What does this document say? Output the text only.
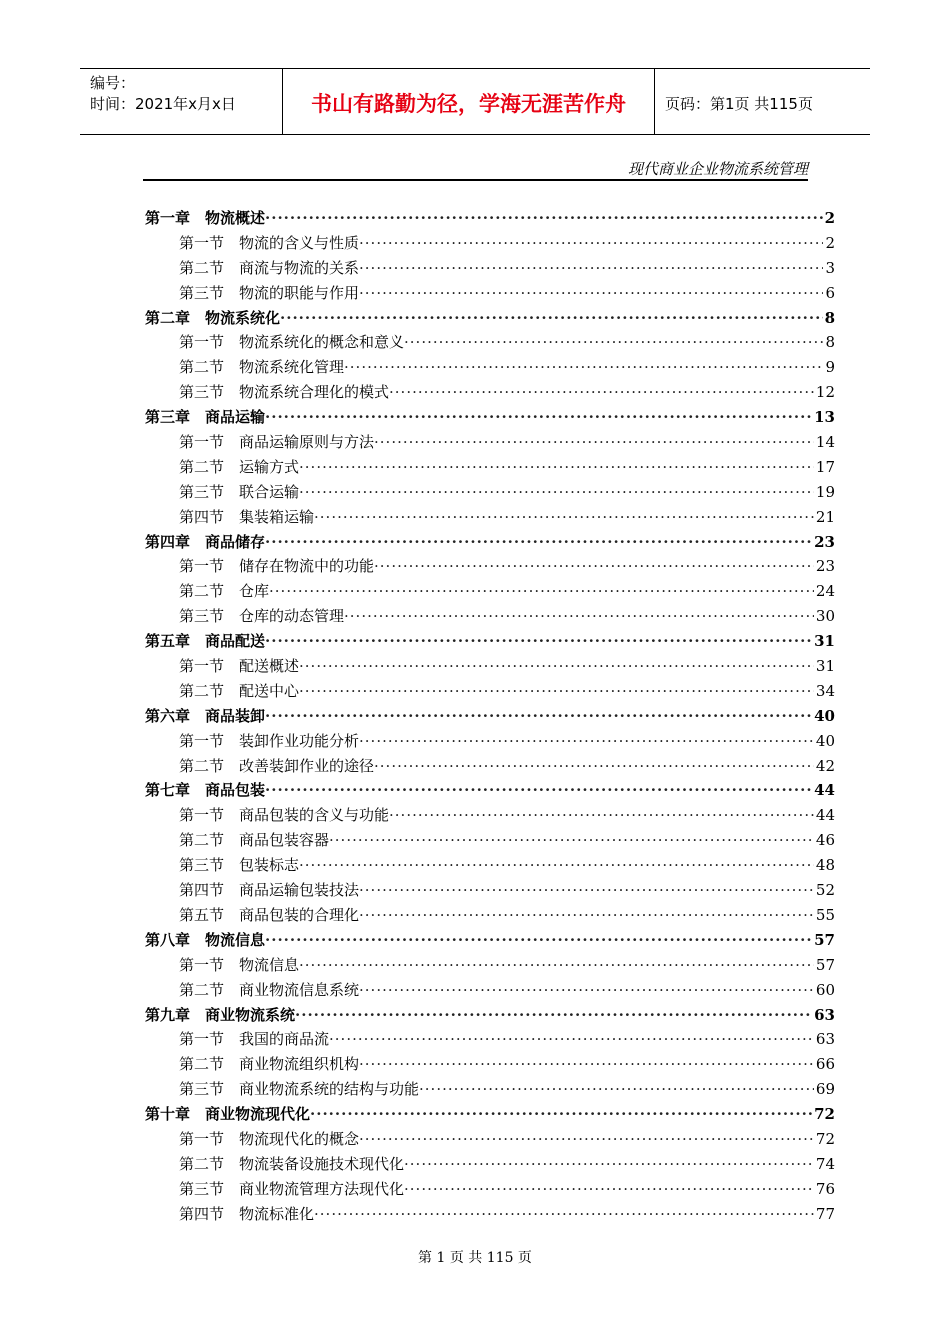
编号：
时间：2021年x月x日	书山有路勤为径，学海无涯苦作舟	页码：第1页 共115页
现代商业企业物流系统管理
第一章　物流概述 ·····	2
第一节　物流的含义与性质 ·····	2
第二节　商流与物流的关系 ·····	3
第三节　物流的职能与作用 ·····	6
第二章　物流系统化 ·····	8
第一节　物流系统化的概念和意义 ·····	8
第二节　物流系统化管理 ·····	9
第三节　物流系统合理化的模式 ·····	12
第三章　商品运输 ·····	13
第一节　商品运输原则与方法 ·····	14
第二节　运输方式 ·····	17
第三节　联合运输 ·····	19
第四节　集装箱运输 ·····	21
第四章　商品储存 ·····	23
第一节　储存在物流中的功能 ·····	23
第二节　仓库 ·····	24
第三节　仓库的动态管理 ·····	30
第五章　商品配送 ·····	31
第一节　配送概述 ·····	31
第二节　配送中心 ·····	34
第六章　商品装卸 ·····	40
第一节　装卸作业功能分析 ·····	40
第二节　改善装卸作业的途径 ·····	42
第七章　商品包装 ·····	44
第一节　商品包装的含义与功能 ·····	44
第二节　商品包装容器 ·····	46
第三节　包装标志 ·····	48
第四节　商品运输包装技法 ·····	52
第五节　商品包装的合理化 ·····	55
第八章　物流信息 ·····	57
第一节　物流信息 ·····	57
第二节　商业物流信息系统 ·····	60
第九章　商业物流系统 ·····	63
第一节　我国的商品流 ·····	63
第二节　商业物流组织机构 ·····	66
第三节　商业物流系统的结构与功能 ·····	69
第十章　商业物流现代化 ·····	72
第一节　物流现代化的概念 ·····	72
第二节　物流装备设施技术现代化 ·····	74
第三节　商业物流管理方法现代化 ·····	76
第四节　物流标准化 ·····	77
第 1 页 共 115 页
